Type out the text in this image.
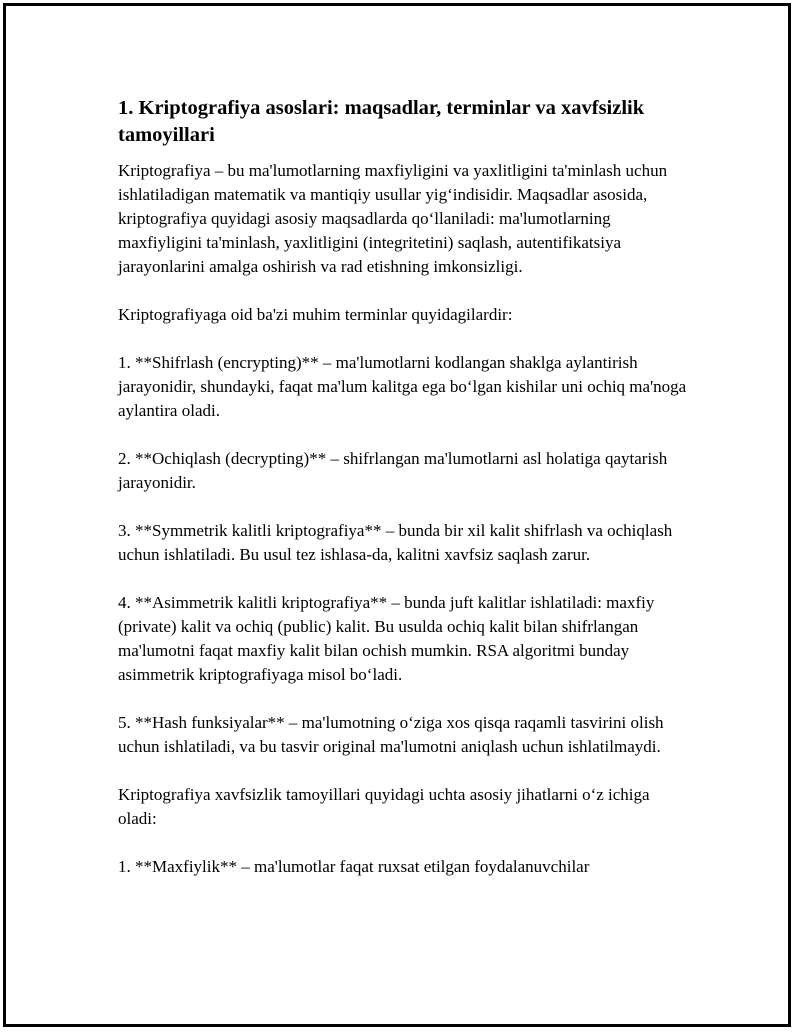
1. Kriptografiya asoslari: maqsadlar, terminlar va xavfsizlik tamoyillari

Kriptografiya – bu ma'lumotlarning maxfiyligini va yaxlitligini ta'minlash uchun ishlatiladigan matematik va mantiqiy usullar yig‘indisidir. Maqsadlar asosida, kriptografiya quyidagi asosiy maqsadlarda qo‘llaniladi: ma'lumotlarning maxfiyligini ta'minlash, yaxlitligini (integritetini) saqlash, autentifikatsiya jarayonlarini amalga oshirish va rad etishning imkonsizligi.

Kriptografiyaga oid ba'zi muhim terminlar quyidagilardir:

1. **Shifrlash (encrypting)** – ma'lumotlarni kodlangan shaklga aylantirish jarayonidir, shundayki, faqat ma'lum kalitga ega bo‘lgan kishilar uni ochiq ma'noga aylantira oladi.

2. **Ochiqlash (decrypting)** – shifrlangan ma'lumotlarni asl holatiga qaytarish jarayonidir.

3. **Symmetrik kalitli kriptografiya** – bunda bir xil kalit shifrlash va ochiqlash uchun ishlatiladi. Bu usul tez ishlasa-da, kalitni xavfsiz saqlash zarur.

4. **Asimmetrik kalitli kriptografiya** – bunda juft kalitlar ishlatiladi: maxfiy (private) kalit va ochiq (public) kalit. Bu usulda ochiq kalit bilan shifrlangan ma'lumotni faqat maxfiy kalit bilan ochish mumkin. RSA algoritmi bunday asimmetrik kriptografiyaga misol bo‘ladi.

5. **Hash funksiyalar** – ma'lumotning o‘ziga xos qisqa raqamli tasvirini olish uchun ishlatiladi, va bu tasvir original ma'lumotni aniqlash uchun ishlatilmaydi.

Kriptografiya xavfsizlik tamoyillari quyidagi uchta asosiy jihatlarni o‘z ichiga oladi:

1. **Maxfiylik** – ma'lumotlar faqat ruxsat etilgan foydalanuvchilar
